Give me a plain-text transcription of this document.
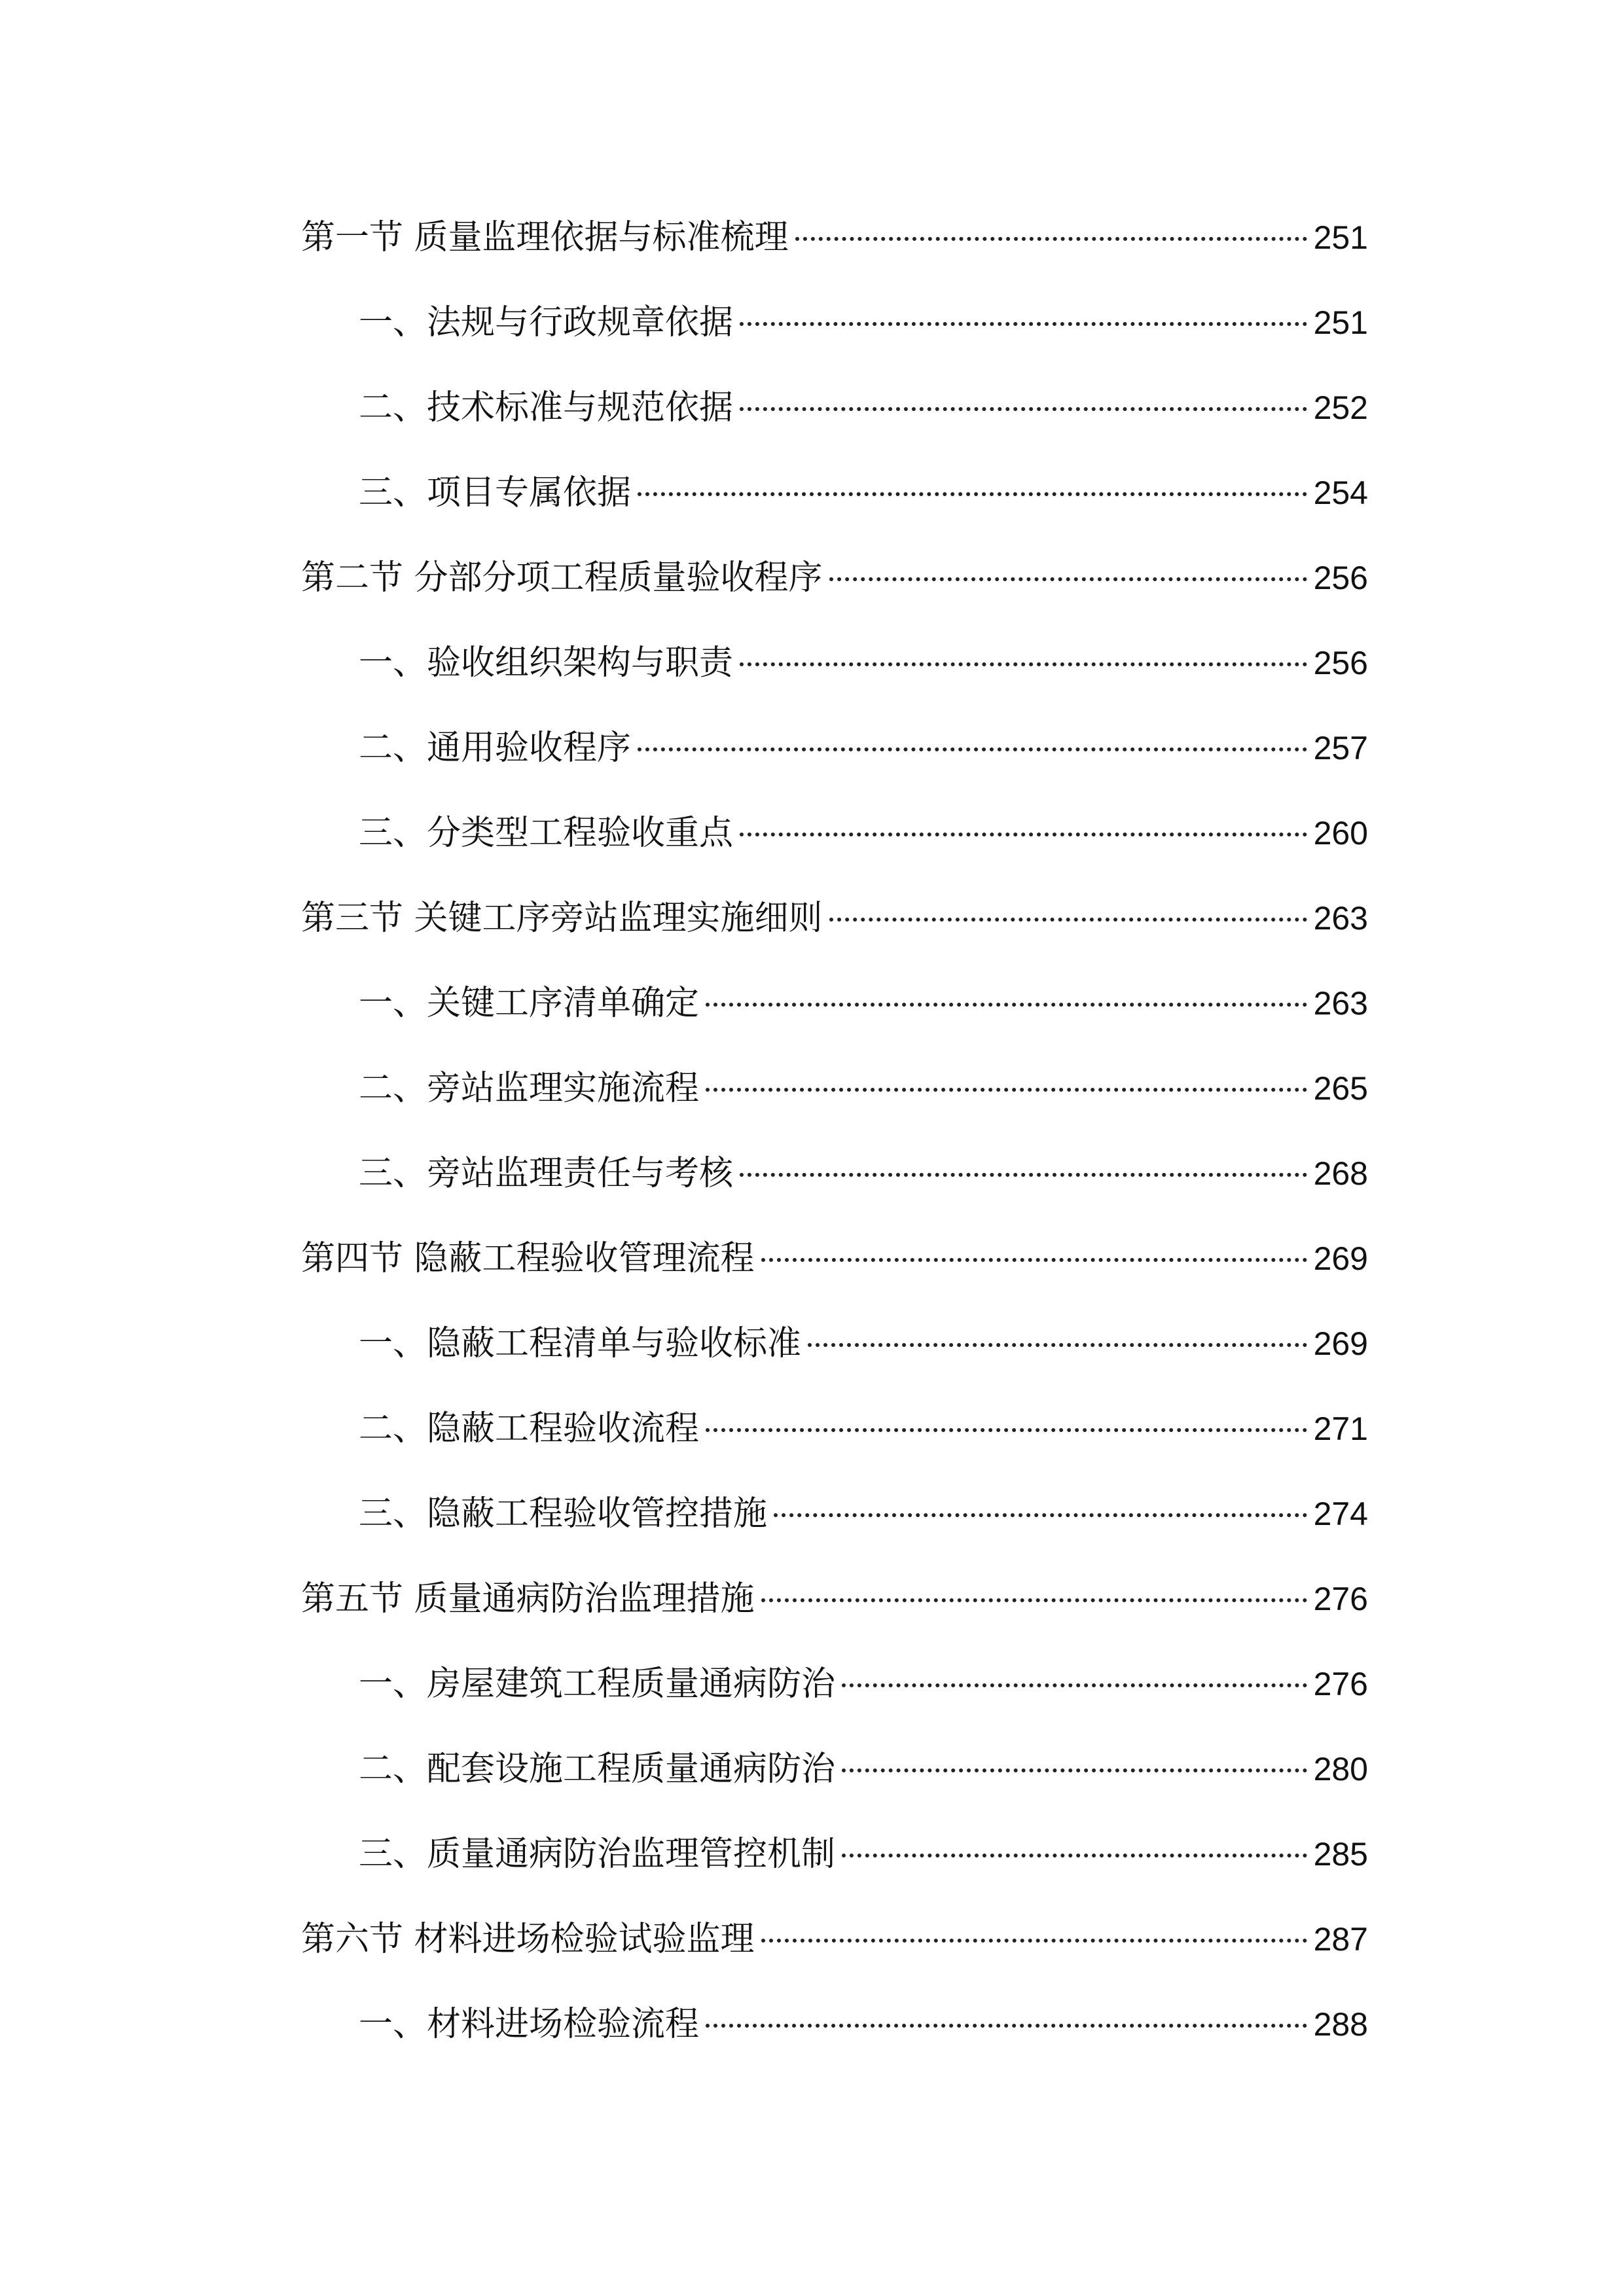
第一节 质量监理依据与标准梳理	251
一、法规与行政规章依据	251
二、技术标准与规范依据	252
三、项目专属依据	254
第二节 分部分项工程质量验收程序	256
一、验收组织架构与职责	256
二、通用验收程序	257
三、分类型工程验收重点	260
第三节 关键工序旁站监理实施细则	263
一、关键工序清单确定	263
二、旁站监理实施流程	265
三、旁站监理责任与考核	268
第四节 隐蔽工程验收管理流程	269
一、隐蔽工程清单与验收标准	269
二、隐蔽工程验收流程	271
三、隐蔽工程验收管控措施	274
第五节 质量通病防治监理措施	276
一、房屋建筑工程质量通病防治	276
二、配套设施工程质量通病防治	280
三、质量通病防治监理管控机制	285
第六节 材料进场检验试验监理	287
一、材料进场检验流程	288
